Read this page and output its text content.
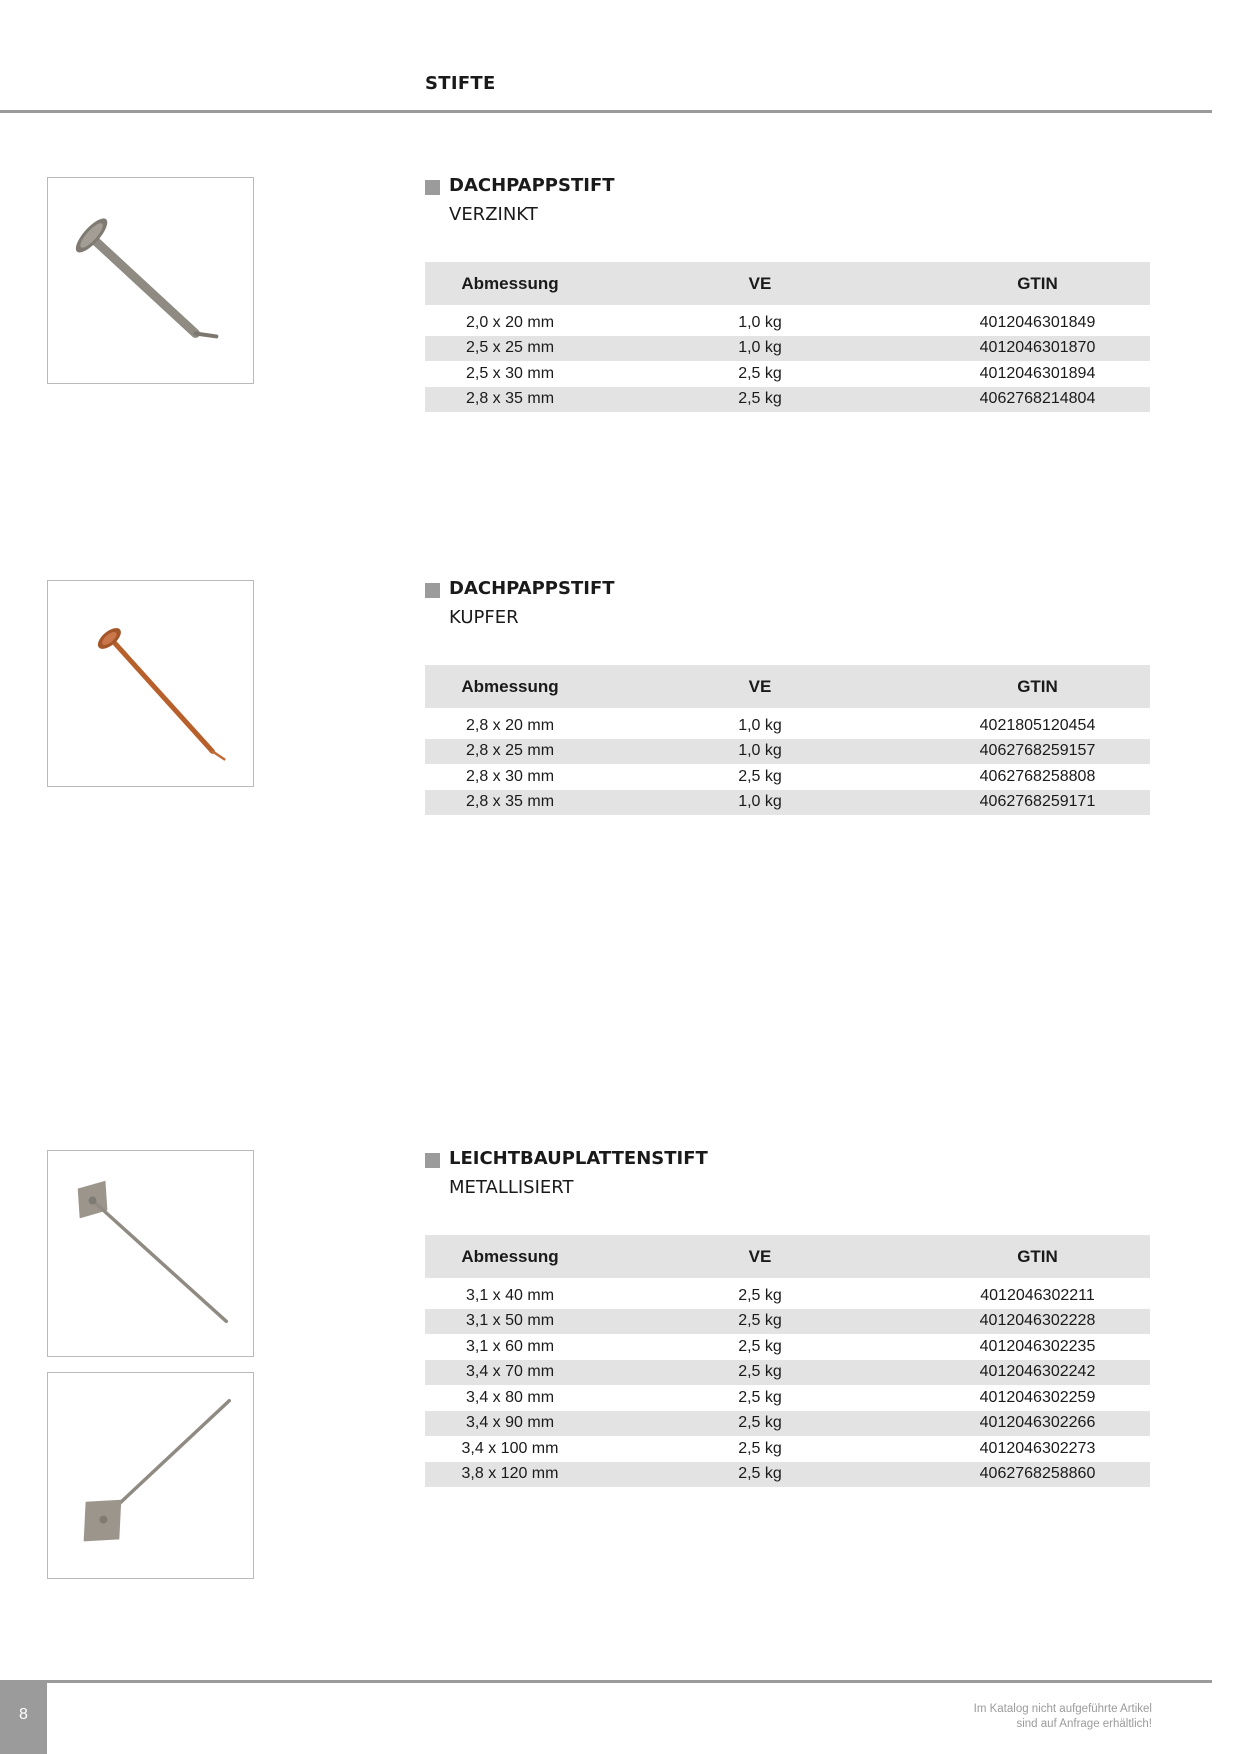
STIFTE
DACHPAPPSTIFT
VERZINKT
Abmessung	VE	GTIN
2,0 x 20 mm	1,0 kg	4012046301849
2,5 x 25 mm	1,0 kg	4012046301870
2,5 x 30 mm	2,5 kg	4012046301894
2,8 x 35 mm	2,5 kg	4062768214804
DACHPAPPSTIFT
KUPFER
Abmessung	VE	GTIN
2,8 x 20 mm	1,0 kg	4021805120454
2,8 x 25 mm	1,0 kg	4062768259157
2,8 x 30 mm	2,5 kg	4062768258808
2,8 x 35 mm	1,0 kg	4062768259171
LEICHTBAUPLATTENSTIFT
METALLISIERT
Abmessung	VE	GTIN
3,1 x 40 mm	2,5 kg	4012046302211
3,1 x 50 mm	2,5 kg	4012046302228
3,1 x 60 mm	2,5 kg	4012046302235
3,4 x 70 mm	2,5 kg	4012046302242
3,4 x 80 mm	2,5 kg	4012046302259
3,4 x 90 mm	2,5 kg	4012046302266
3,4 x 100 mm	2,5 kg	4012046302273
3,8 x 120 mm	2,5 kg	4062768258860
8	Im Katalog nicht aufgeführte Artikel
sind auf Anfrage erhältlich!
